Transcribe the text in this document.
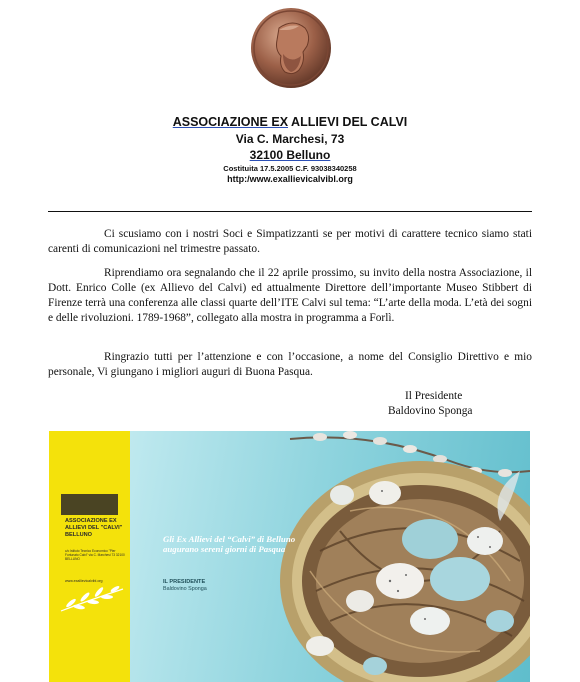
ASSOCIAZIONE EX ALLIEVI DEL CALVI
Via C. Marchesi, 73
32100 Belluno
Costituita 17.5.2005 C.F. 93038340258
http:/www.exallievicalvibl.org

Ci scusiamo con i nostri Soci e Simpatizzanti se per motivi di carattere tecnico siamo stati carenti di comunicazioni nel trimestre passato.

Riprendiamo ora segnalando che il 22 aprile prossimo, su invito della nostra Associazione, il Dott. Enrico Colle (ex Allievo del Calvi) ed attualmente Direttore dell’importante Museo Stibbert di Firenze terrà una conferenza alle classi quarte dell’ITE Calvi sul tema: “L’arte della moda. L’età dei sogni e delle rivoluzioni. 1789-1968”, collegato alla mostra in programma a Forlì.

Ringrazio tutti per l’attenzione e con l’occasione, a nome del Consiglio Direttivo e mio personale, Vi giungano i migliori auguri di Buona Pasqua.

Il Presidente
Baldovino Sponga
ASSOCIAZIONE EX ALLIEVI DEL "CALVI" BELLUNO
c/o Istituto Tecnico Economico "Pier Fortunato Calvi" via C. Marchesi 73 32100 BELLUNO
www.exallievicalvibl.org
Gli Ex Allievi del “Calvi” di Belluno augurano sereni giorni di Pasqua
IL PRESIDENTE
Baldovino Sponga
